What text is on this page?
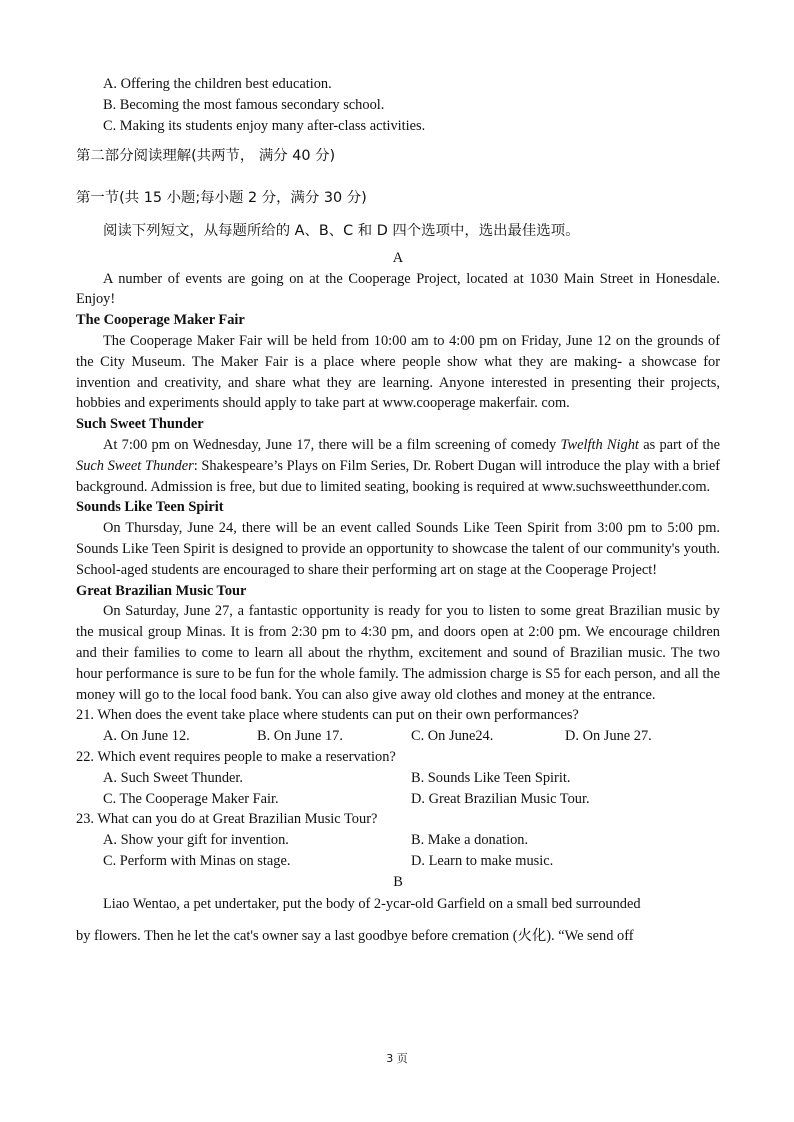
A. Offering the children best education.
B. Becoming the most famous secondary school.
C. Making its students enjoy many after-class activities.
第二部分阅读理解(共两节， 满分 40 分)
第一节(共 15 小题;每小题 2 分，满分 30 分)
阅读下列短文，从每题所给的 A、B、C 和 D 四个选项中，选出最佳选项。
A

A number of events are going on at the Cooperage Project, located at 1030 Main Street in Honesdale. Enjoy!

The Cooperage Maker Fair

The Cooperage Maker Fair will be held from 10:00 am to 4:00 pm on Friday, June 12 on the grounds of the City Museum. The Maker Fair is a place where people show what they are making- a showcase for invention and creativity, and share what they are learning. Anyone interested in presenting their projects, hobbies and experiments should apply to take part at www.cooperage makerfair. com.

Such Sweet Thunder

At 7:00 pm on Wednesday, June 17, there will be a film screening of comedy Twelfth Night as part of the Such Sweet Thunder: Shakespeare’s Plays on Film Series, Dr. Robert Dugan will introduce the play with a brief background. Admission is free, but due to limited seating, booking is required at www.suchsweetthunder.com.

Sounds Like Teen Spirit

On Thursday, June 24, there will be an event called Sounds Like Teen Spirit from 3:00 pm to 5:00 pm. Sounds Like Teen Spirit is designed to provide an opportunity to showcase the talent of our community's youth. School-aged students are encouraged to share their performing art on stage at the Cooperage Project!

Great Brazilian Music Tour

On Saturday, June 27, a fantastic opportunity is ready for you to listen to some great Brazilian music by the musical group Minas. It is from 2:30 pm to 4:30 pm, and doors open at 2:00 pm. We encourage children and their families to come to learn all about the rhythm, excitement and sound of Brazilian music. The two hour performance is sure to be fun for the whole family. The admission charge is S5 for each person, and all the money will go to the local food bank. You can also give away old clothes and money at the entrance.

21. When does the event take place where students can put on their own performances?

A. On June 12.	B. On June 17.	C. On June24.	D. On June 27.

22. Which event requires people to make a reservation?

A. Such Sweet Thunder.	B. Sounds Like Teen Spirit.
C. The Cooperage Maker Fair.	D. Great Brazilian Music Tour.

23. What can you do at Great Brazilian Music Tour?

A. Show your gift for invention.	B. Make a donation.
C. Perform with Minas on stage.	D. Learn to make music.
B
Liao Wentao, a pet undertaker, put the body of 2-ycar-old Garfield on a small bed surrounded
by flowers. Then he let the cat's owner say a last goodbye before cremation (火化). “We send off
3 页
